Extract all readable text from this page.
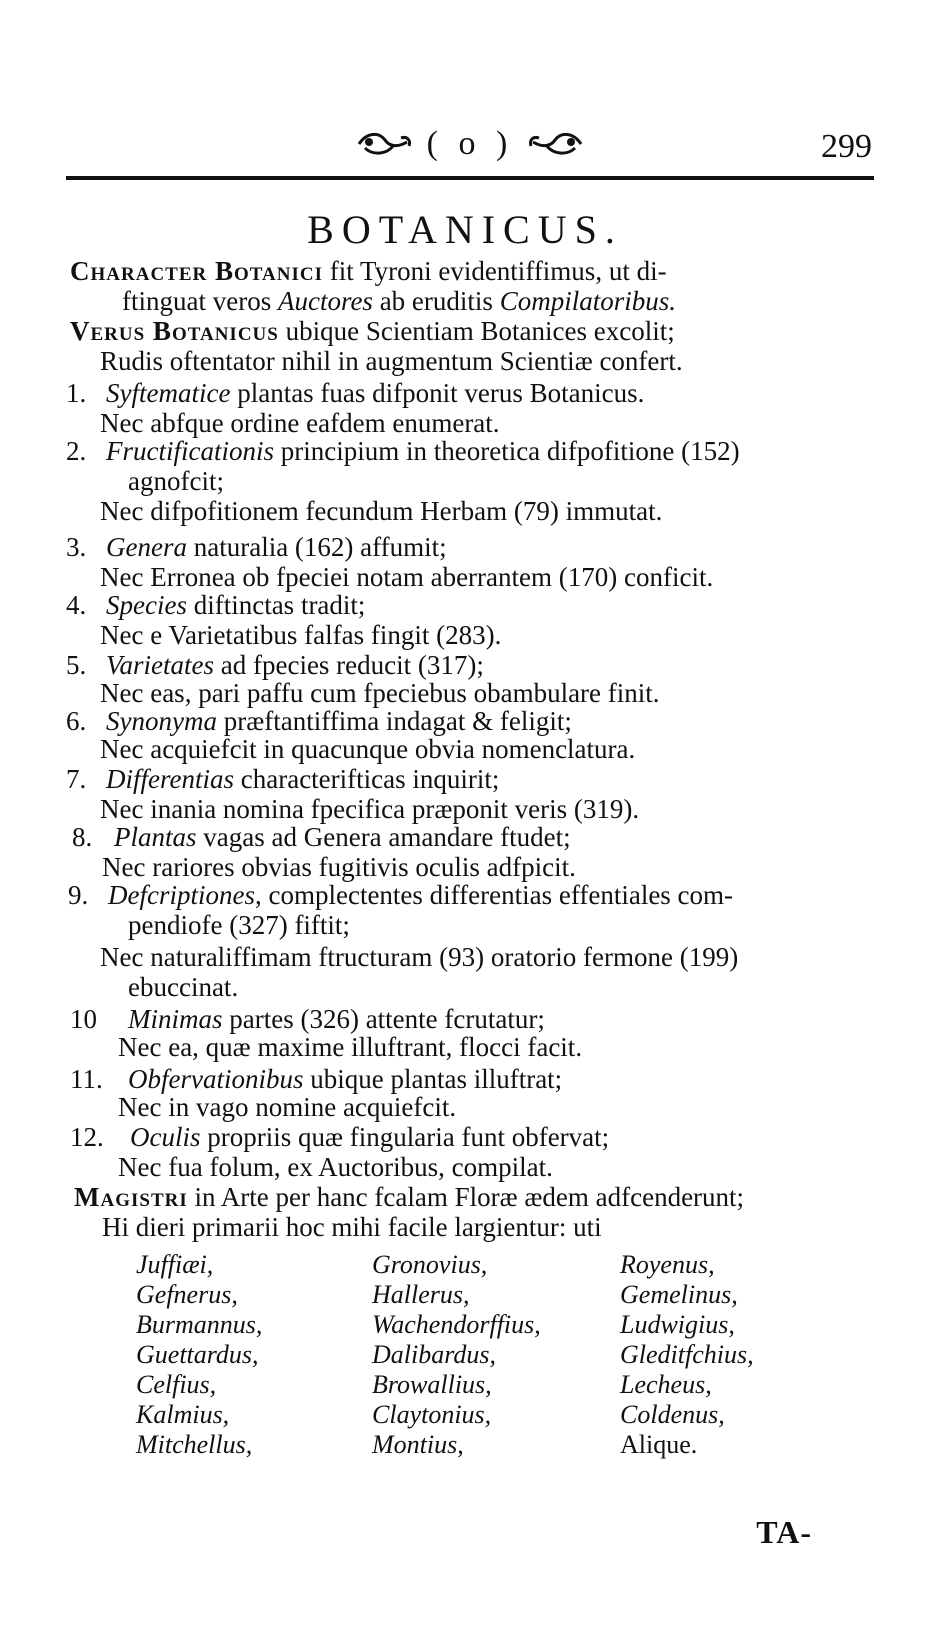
( o )	299
BOTANICUS.
Character Botanici fit Tyroni evidentiffimus, ut di-
ftinguat veros Auctores ab eruditis Compilatoribus.
Verus Botanicus ubique Scientiam Botanices excolit;
Rudis oftentator nihil in augmentum Scientiæ confert.
1. Syftematice plantas fuas difponit verus Botanicus.
Nec abfque ordine eafdem enumerat.
2. Fructificationis principium in theoretica difpofitione (152)
agnofcit;
Nec difpofitionem fecundum Herbam (79) immutat.
3. Genera naturalia (162) affumit;
Nec Erronea ob fpeciei notam aberrantem (170) conficit.
4. Species diftinctas tradit;
Nec e Varietatibus falfas fingit (283).
5. Varietates ad fpecies reducit (317);
Nec eas, pari paffu cum fpeciebus obambulare finit.
6. Synonyma præftantiffima indagat & feligit;
Nec acquiefcit in quacunque obvia nomenclatura.
7. Differentias characterifticas inquirit;
Nec inania nomina fpecifica præponit veris (319).
8. Plantas vagas ad Genera amandare ftudet;
Nec rariores obvias fugitivis oculis adfpicit.
9. Defcriptiones, complectentes differentias effentiales com-
pendiofe (327) fiftit;
Nec naturaliffimam ftructuram (93) oratorio fermone (199)
ebuccinat.
10 Minimas partes (326) attente fcrutatur;
Nec ea, quæ maxime illuftrant, flocci facit.
11. Obfervationibus ubique plantas illuftrat;
Nec in vago nomine acquiefcit.
12. Oculis propriis quæ fingularia funt obfervat;
Nec fua folum, ex Auctoribus, compilat.
Magistri in Arte per hanc fcalam Floræ ædem adfcenderunt;
Hi dieri primarii hoc mihi facile largientur: uti
Juffiæi,	Gronovius,	Royenus,
Gefnerus,	Hallerus,	Gemelinus,
Burmannus,	Wachendorffius,	Ludwigius,
Guettardus,	Dalibardus,	Gleditfchius,
Celfius,	Browallius,	Lecheus,
Kalmius,	Claytonius,	Coldenus,
Mitchellus,	Montius,	Alique.
TA-
